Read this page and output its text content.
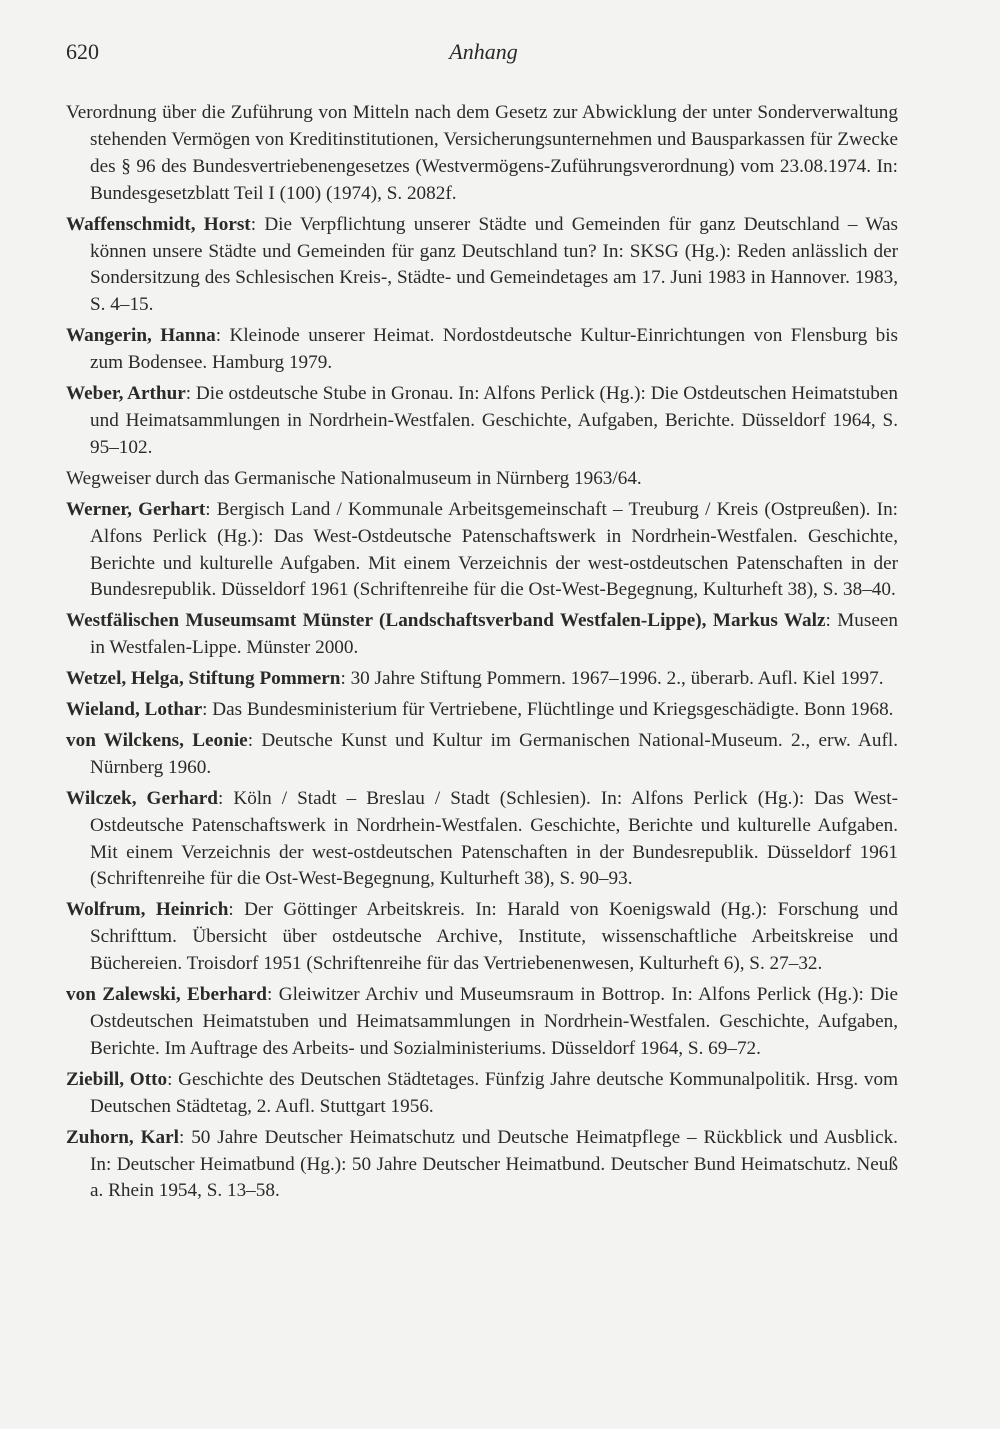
620	Anhang

Verordnung über die Zuführung von Mitteln nach dem Gesetz zur Abwicklung der unter Sonderverwaltung stehenden Vermögen von Kreditinstitutionen, Versicherungsunternehmen und Bausparkassen für Zwecke des § 96 des Bundesvertriebenengesetzes (Westvermögens-Zuführungsverordnung) vom 23.08.1974. In: Bundesgesetzblatt Teil I (100) (1974), S. 2082f.

Waffenschmidt, Horst: Die Verpflichtung unserer Städte und Gemeinden für ganz Deutschland – Was können unsere Städte und Gemeinden für ganz Deutschland tun? In: SKSG (Hg.): Reden anlässlich der Sondersitzung des Schlesischen Kreis-, Städte- und Gemeindetages am 17. Juni 1983 in Hannover. 1983, S. 4–15.

Wangerin, Hanna: Kleinode unserer Heimat. Nordostdeutsche Kultur-Einrichtungen von Flensburg bis zum Bodensee. Hamburg 1979.

Weber, Arthur: Die ostdeutsche Stube in Gronau. In: Alfons Perlick (Hg.): Die Ostdeutschen Heimatstuben und Heimatsammlungen in Nordrhein-Westfalen. Geschichte, Aufgaben, Berichte. Düsseldorf 1964, S. 95–102.

Wegweiser durch das Germanische Nationalmuseum in Nürnberg 1963/64.

Werner, Gerhart: Bergisch Land / Kommunale Arbeitsgemeinschaft – Treuburg / Kreis (Ostpreußen). In: Alfons Perlick (Hg.): Das West-Ostdeutsche Patenschaftswerk in Nordrhein-Westfalen. Geschichte, Berichte und kulturelle Aufgaben. Mit einem Verzeichnis der west-ostdeutschen Patenschaften in der Bundesrepublik. Düsseldorf 1961 (Schriftenreihe für die Ost-West-Begegnung, Kulturheft 38), S. 38–40.

Westfälischen Museumsamt Münster (Landschaftsverband Westfalen-Lippe), Markus Walz: Museen in Westfalen-Lippe. Münster 2000.

Wetzel, Helga, Stiftung Pommern: 30 Jahre Stiftung Pommern. 1967–1996. 2., überarb. Aufl. Kiel 1997.

Wieland, Lothar: Das Bundesministerium für Vertriebene, Flüchtlinge und Kriegsgeschädigte. Bonn 1968.

von Wilckens, Leonie: Deutsche Kunst und Kultur im Germanischen National-Museum. 2., erw. Aufl. Nürnberg 1960.

Wilczek, Gerhard: Köln / Stadt – Breslau / Stadt (Schlesien). In: Alfons Perlick (Hg.): Das West-Ostdeutsche Patenschaftswerk in Nordrhein-Westfalen. Geschichte, Berichte und kulturelle Aufgaben. Mit einem Verzeichnis der west-ostdeutschen Patenschaften in der Bundesrepublik. Düsseldorf 1961 (Schriftenreihe für die Ost-West-Begegnung, Kulturheft 38), S. 90–93.

Wolfrum, Heinrich: Der Göttinger Arbeitskreis. In: Harald von Koenigswald (Hg.): Forschung und Schrifttum. Übersicht über ostdeutsche Archive, Institute, wissenschaftliche Arbeitskreise und Büchereien. Troisdorf 1951 (Schriftenreihe für das Vertriebenenwesen, Kulturheft 6), S. 27–32.

von Zalewski, Eberhard: Gleiwitzer Archiv und Museumsraum in Bottrop. In: Alfons Perlick (Hg.): Die Ostdeutschen Heimatstuben und Heimatsammlungen in Nordrhein-Westfalen. Geschichte, Aufgaben, Berichte. Im Auftrage des Arbeits- und Sozialministeriums. Düsseldorf 1964, S. 69–72.

Ziebill, Otto: Geschichte des Deutschen Städtetages. Fünfzig Jahre deutsche Kommunalpolitik. Hrsg. vom Deutschen Städtetag, 2. Aufl. Stuttgart 1956.

Zuhorn, Karl: 50 Jahre Deutscher Heimatschutz und Deutsche Heimatpflege – Rückblick und Ausblick. In: Deutscher Heimatbund (Hg.): 50 Jahre Deutscher Heimatbund. Deutscher Bund Heimatschutz. Neuß a. Rhein 1954, S. 13–58.
